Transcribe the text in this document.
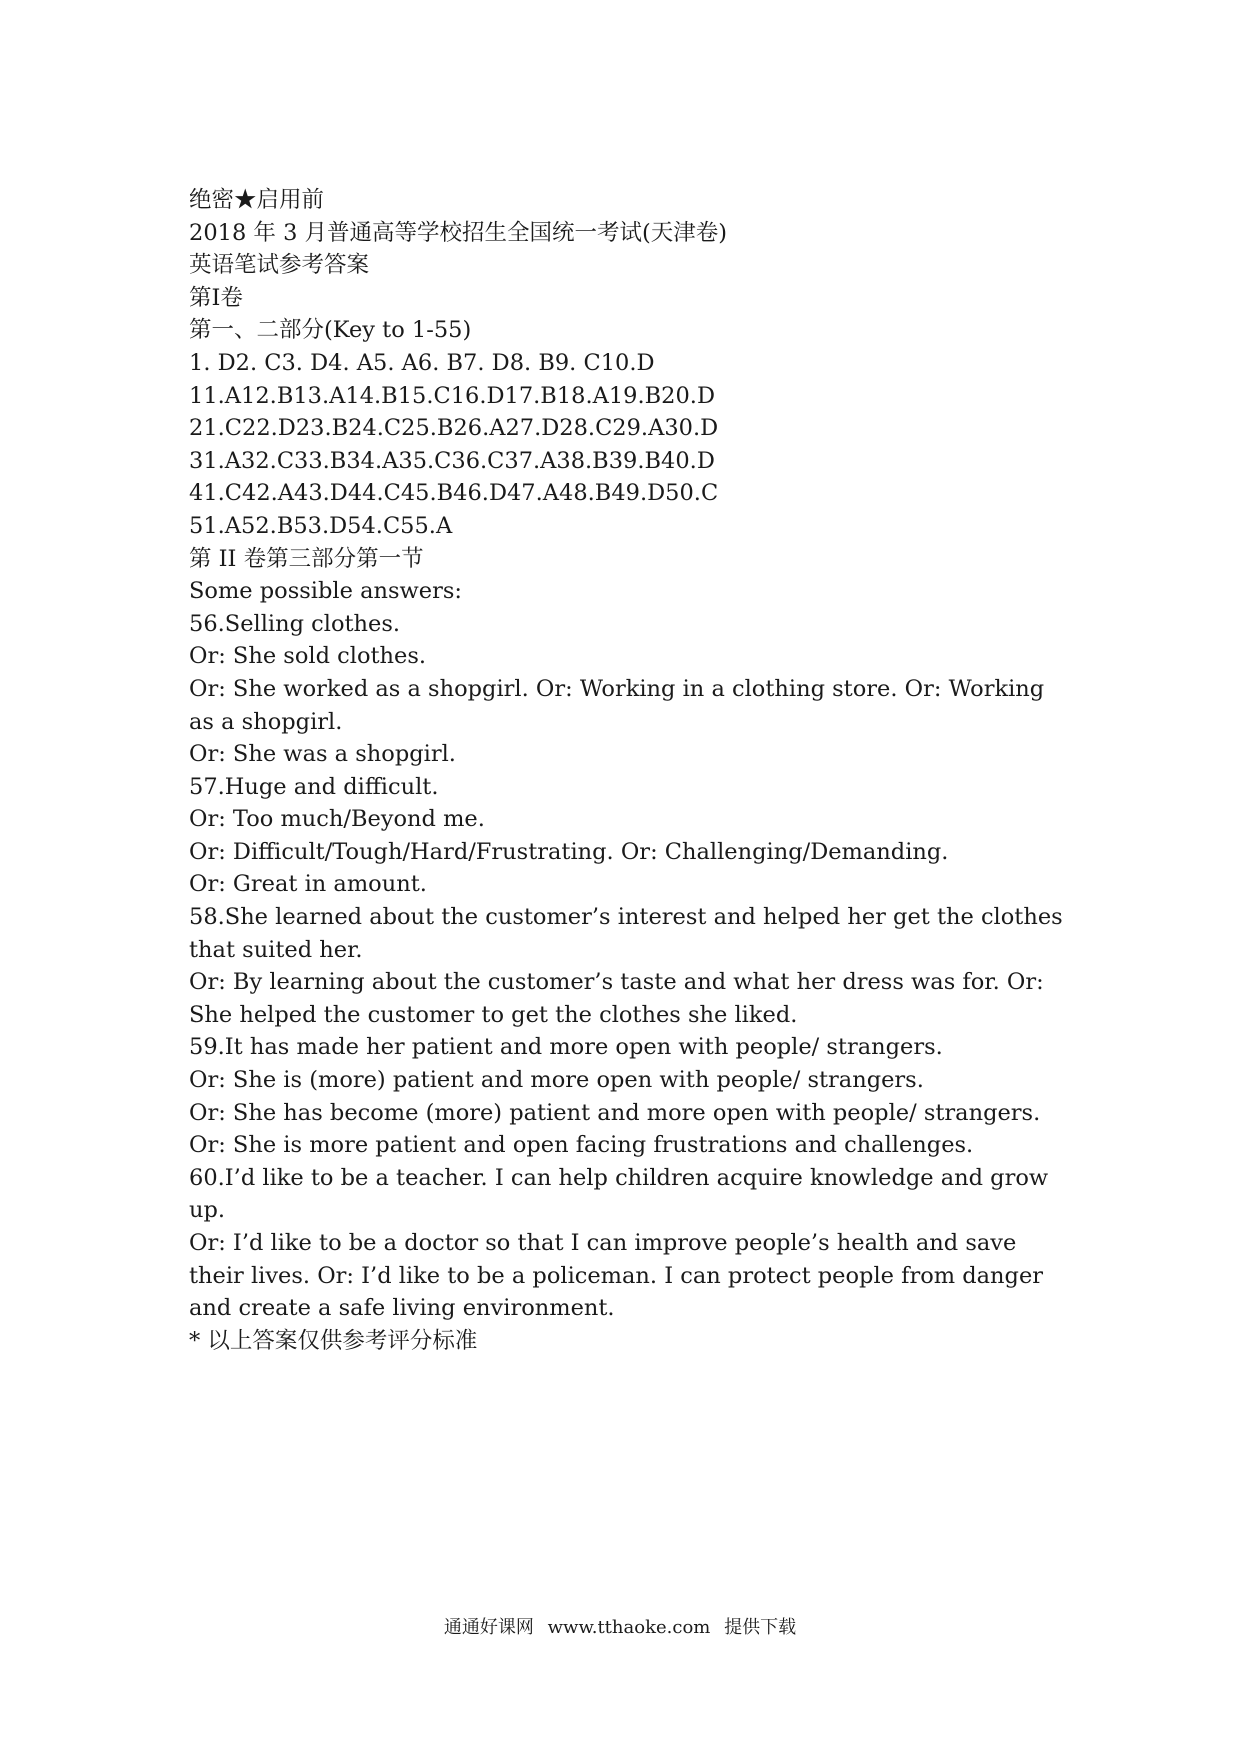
绝密★启用前
2018 年 3 月普通高等学校招生全国统一考试(天津卷)
英语笔试参考答案
第Ⅰ卷
第一、二部分(Key to 1-55)
1. D2. C3. D4. A5. A6. B7. D8. B9. C10.D
11.A12.B13.A14.B15.C16.D17.B18.A19.B20.D
21.C22.D23.B24.C25.B26.A27.D28.C29.A30.D
31.A32.C33.B34.A35.C36.C37.A38.B39.B40.D
41.C42.A43.D44.C45.B46.D47.A48.B49.D50.C
51.A52.B53.D54.C55.A
第 II 卷第三部分第一节
Some possible answers:
56.Selling clothes.
Or: She sold clothes.
Or: She worked as a shopgirl. Or: Working in a clothing store. Or: Working as a shopgirl.
Or: She was a shopgirl.
57.Huge and difficult.
Or: Too much/Beyond me.
Or: Difficult/Tough/Hard/Frustrating. Or: Challenging/Demanding.
Or: Great in amount.
58.She learned about the customer’s interest and helped her get the clothes that suited her.
Or: By learning about the customer’s taste and what her dress was for. Or: She helped the customer to get the clothes she liked.
59.It has made her patient and more open with people/ strangers.
Or: She is (more) patient and more open with people/ strangers.
Or: She has become (more) patient and more open with people/ strangers. Or: She is more patient and open facing frustrations and challenges.
60.I’d like to be a teacher. I can help children acquire knowledge and grow up.
Or: I’d like to be a doctor so that I can improve people’s health and save their lives. Or: I’d like to be a policeman. I can protect people from danger and create a safe living environment.
* 以上答案仅供参考评分标准
通通好课网 www.tthaoke.com 提供下载
